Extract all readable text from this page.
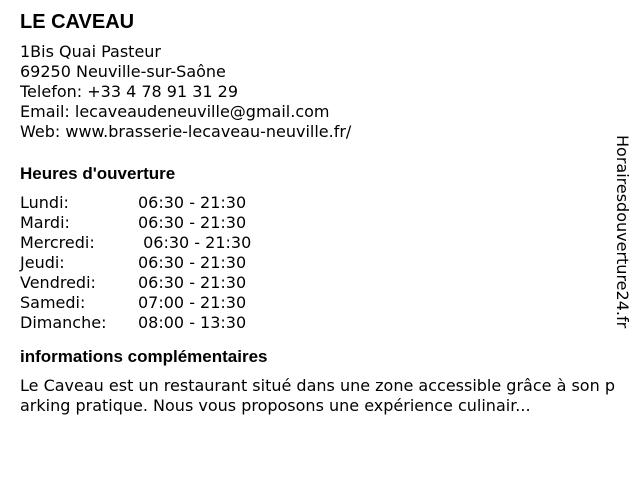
LE CAVEAU
1Bis Quai Pasteur
69250 Neuville-sur-Saône
Telefon: +33 4 78 91 31 29
Email: lecaveaudeneuville@gmail.com
Web: www.brasserie-lecaveau-neuville.fr/
Heures d'ouverture
Lundi:	06:30 - 21:30
Mardi:	06:30 - 21:30
Mercredi:	06:30 - 21:30
Jeudi:	06:30 - 21:30
Vendredi:	06:30 - 21:30
Samedi:	07:00 - 21:30
Dimanche:	08:00 - 13:30
informations complémentaires
Le Caveau est un restaurant situé dans une zone accessible grâce à son parking pratique. Nous vous proposons une expérience culinair...
Horairesdouverture24.fr
